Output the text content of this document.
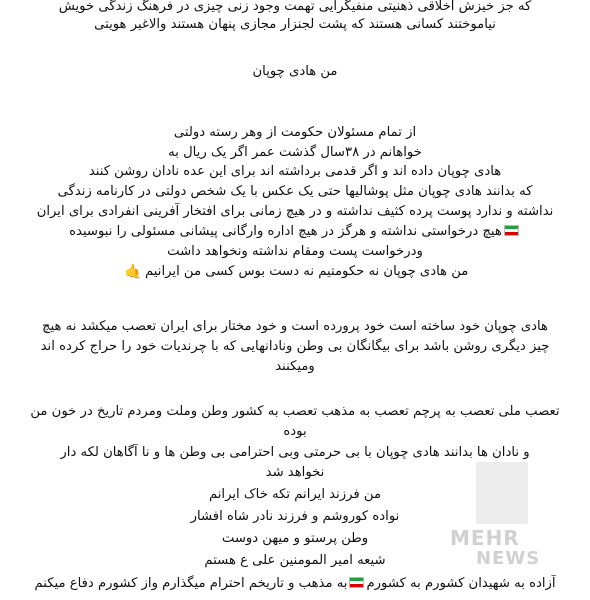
که جز خیزش اخلاقی ذهنیتی منفیگرایی تهمت وجود زنی چیزی در فرهنگ زندگی خویش
نیاموختند کسانی هستند که پشت لجنزار مجازی پنهان هستند والاغیر هویتی
من هادی چوپان
از تمام مسئولان حکومت از وهر رسته دولتی
خواهانم در ۳۸سال گذشت عمر اگر یک ریال به
هادی چوپان داده اند و اگر قدمی برداشته اند برای این عده نادان روشن کنند
که بدانند هادی چوپان مثل پوشالیها حتی یک عکس با یک شخص دولتی در کارنامه زندگی
نداشته و ندارد پوست پرده کثیف نداشته و در هیچ زمانی برای افتخار آفرینی انفرادی برای ایران
هیچ درخواستی نداشته و هرگز در هیچ اداره وارگانی پیشانی مسئولی را نبوسیده
ودرخواست پست ومقام نداشته ونخواهد داشت
من هادی چوپان نه حکومتیم نه دست بوس کسی من ایرانیم🤙
هادی چوپان خود ساخته است خود پرورده است و خود مختار برای ایران تعصب میکشد نه هیچ
چیز دیگری روشن باشد برای بیگانگان بی وطن ونادانهایی که با چرندیات خود را حراج کرده اند
ومیکنند
تعصب ملی تعصب به پرچم تعصب به مذهب تعصب به کشور وطن وملت ومردم تاریخ در خون من
بوده
و نادان ها بدانند هادی چوپان با بی حرمتی وبی احترامی بی وطن ها و نا آگاهان لکه دار
نخواهد شد
من فرزند ایرانم تکه خاک ایرانم
نواده کوروشم و فرزند نادر شاه افشار
وطن پرستو و میهن دوست
شیعه امیر المومنین علی ع هستم
آزاده به شهیدان کشورم به کشورمبه مذهب و تاریخم احترام میگذارم واز کشورم دفاع میکنم
MEHR
NEWS
